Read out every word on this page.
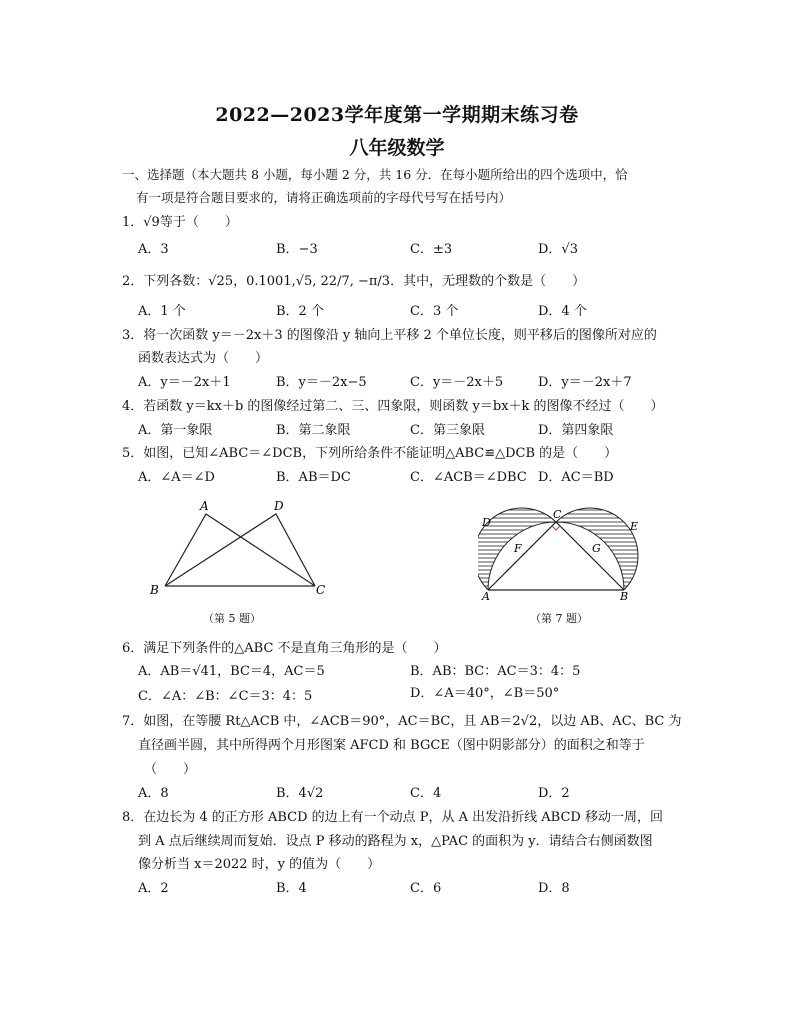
2022—2023学年度第一学期期末练习卷
八年级数学
一、选择题（本大题共 8 小题，每小题 2 分，共 16 分．在每小题所给出的四个选项中，恰
有一项是符合题目要求的，请将正确选项前的字母代号写在括号内）
1．√9等于（　　）
A．3	B．−3	C．±3	D．√3
2．下列各数：√25，0.1001,√5, 22/7, −π/3．其中，无理数的个数是（　　）
A．1 个	B．2 个	C．3 个	D．4 个
3．将一次函数 y＝－2x＋3 的图像沿 y 轴向上平移 2 个单位长度，则平移后的图像所对应的
函数表达式为（　　）
A．y＝－2x＋1	B．y＝－2x−5	C．y＝－2x＋5	D．y＝－2x＋7
4．若函数 y＝kx＋b 的图像经过第二、三、四象限，则函数 y＝bx＋k 的图像不经过（　　）
A．第一象限	B．第二象限	C．第三象限	D．第四象限
5．如图，已知∠ABC＝∠DCB，下列所给条件不能证明△ABC≌△DCB 的是（　　）
A．∠A＝∠D	B．AB＝DC	C．∠ACB＝∠DBC D．AC＝BD
A	D
B	C
（第 5 题）
D
C
E
F	G
A	B
（第 7 题）
6．满足下列条件的△ABC 不是直角三角形的是（　　）
A．AB＝√41，BC＝4，AC＝5	B．AB：BC：AC＝3：4：5
C．∠A：∠B：∠C＝3：4：5	D．∠A＝40°，∠B＝50°
7．如图，在等腰 Rt△ACB 中，∠ACB＝90°，AC＝BC，且 AB＝2√2，以边 AB、AC、BC 为
直径画半圆，其中所得两个月形图案 AFCD 和 BGCE（图中阴影部分）的面积之和等于
（　　）
A．8	B．4√2	C．4	D．2
8．在边长为 4 的正方形 ABCD 的边上有一个动点 P，从 A 出发沿折线 ABCD 移动一周，回
到 A 点后继续周而复始．设点 P 移动的路程为 x，△PAC 的面积为 y．请结合右侧函数图
像分析当 x＝2022 时，y 的值为（　　）
A．2	B．4	C．6	D．8
